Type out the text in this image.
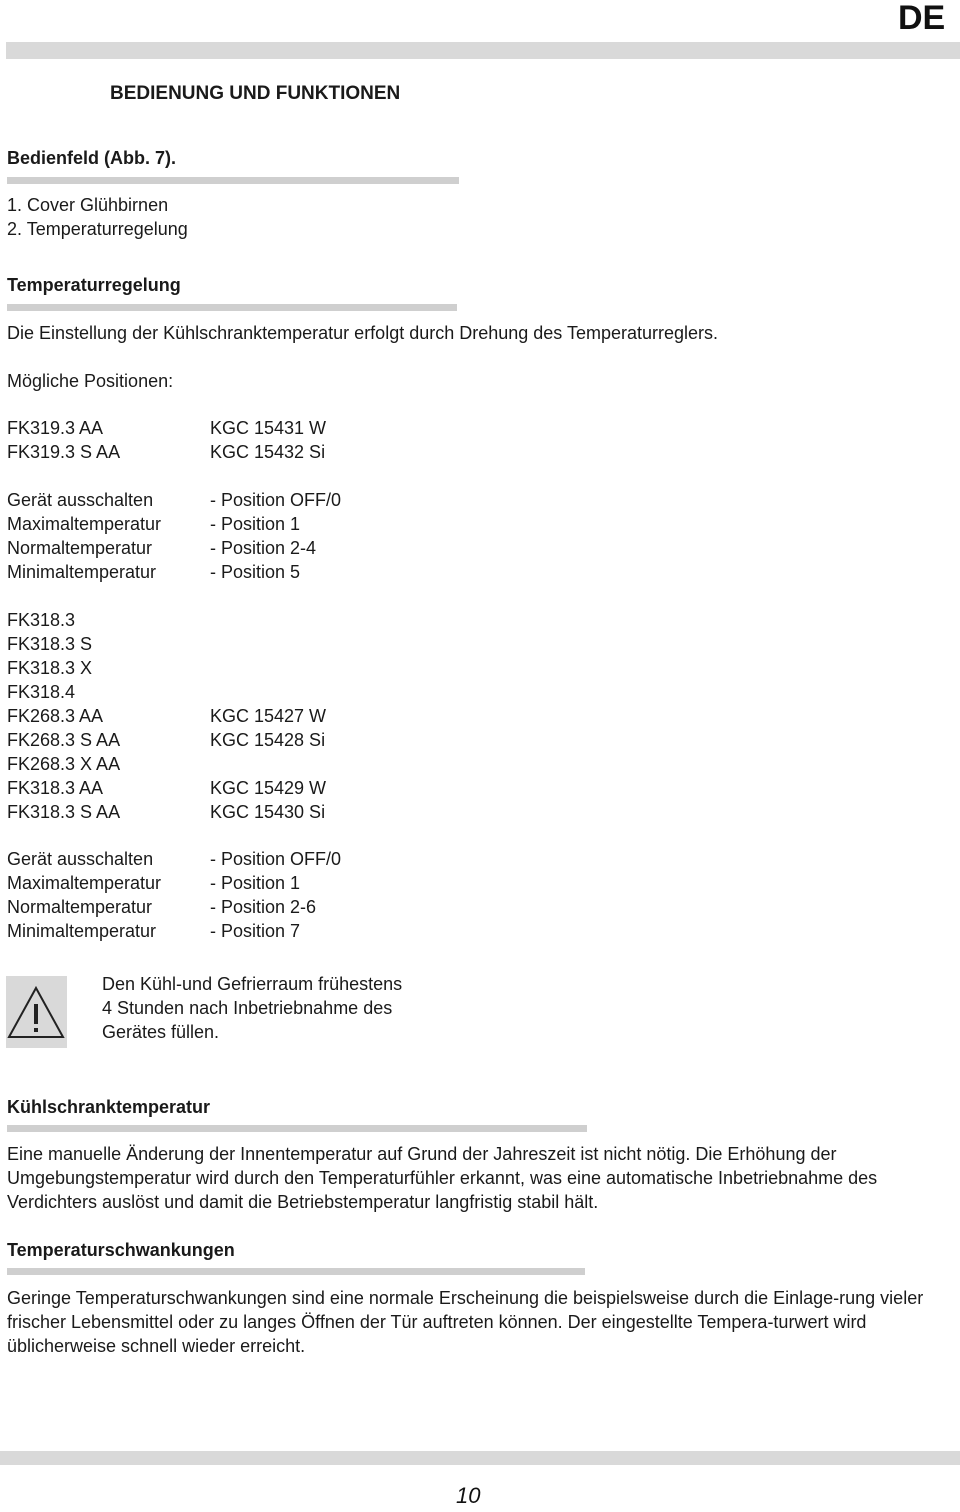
DE
BEDIENUNG UND FUNKTIONEN
Bedienfeld (Abb. 7).
1. Cover Glühbirnen
2. Temperaturregelung
Temperaturregelung
Die Einstellung der Kühlschranktemperatur erfolgt durch Drehung des Temperaturreglers.
Mögliche Positionen:
FK319.3 AA	KGC 15431 W
FK319.3 S AA	KGC 15432 Si
Gerät ausschalten	- Position OFF/0
Maximaltemperatur	- Position 1
Normaltemperatur	- Position 2-4
Minimaltemperatur	- Position 5
FK318.3
FK318.3 S
FK318.3 X
FK318.4
FK268.3 AA	KGC 15427 W
FK268.3 S AA	KGC 15428 Si
FK268.3 X AA
FK318.3 AA	KGC 15429 W
FK318.3 S AA	KGC 15430 Si
Gerät ausschalten	- Position OFF/0
Maximaltemperatur	- Position 1
Normaltemperatur	- Position 2-6
Minimaltemperatur	- Position 7
Den Kühl-und Gefrierraum frühestens
4 Stunden nach Inbetriebnahme des
Gerätes füllen.
Kühlschranktemperatur
Eine manuelle Änderung der Innentemperatur auf Grund der Jahreszeit ist nicht nötig. Die Erhöhung der Umgebungstemperatur wird durch den Temperaturfühler erkannt, was eine automatische Inbetriebnahme des Verdichters auslöst und damit die Betriebstemperatur langfristig stabil hält.
Temperaturschwankungen
Geringe Temperaturschwankungen sind eine normale Erscheinung die beispielsweise durch die Einlage-rung vieler frischer Lebensmittel oder zu langes Öffnen der Tür auftreten können. Der eingestellte Tempera-turwert wird üblicherweise schnell wieder erreicht.
10
